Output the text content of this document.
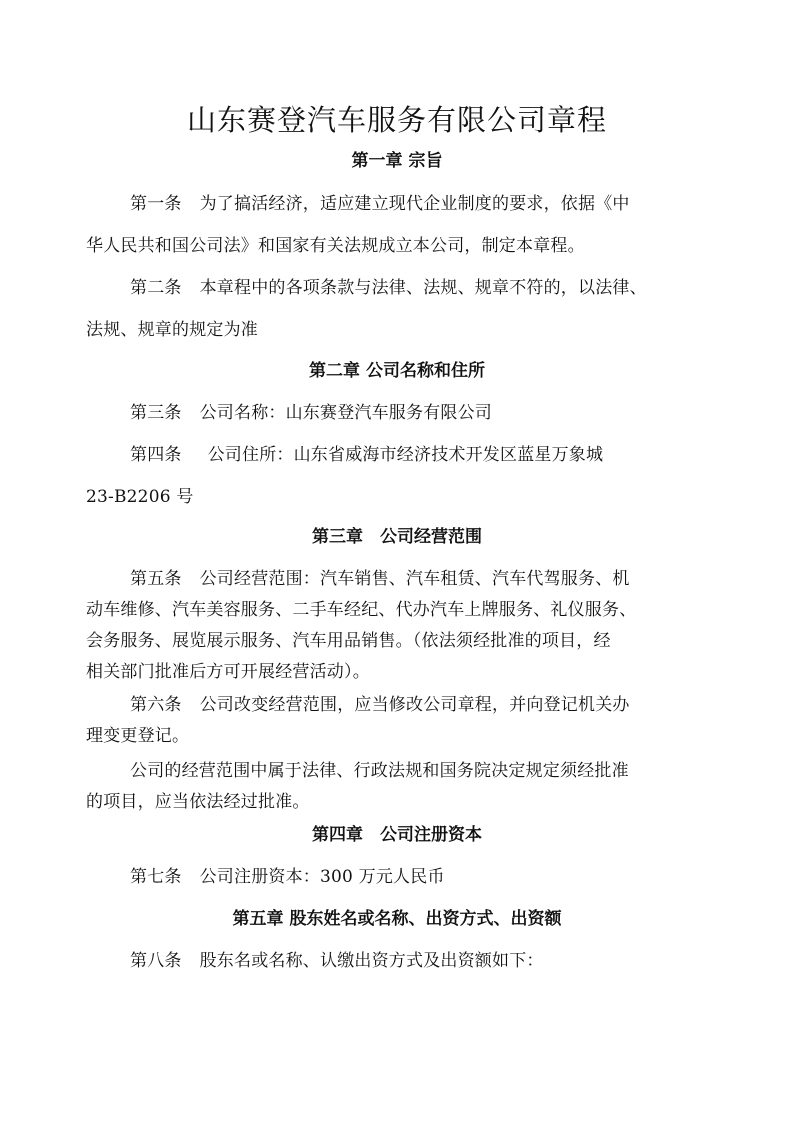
山东赛登汽车服务有限公司章程
第一章 宗旨

第一条 为了搞活经济，适应建立现代企业制度的要求，依据《中

华人民共和国公司法》和国家有关法规成立本公司，制定本章程。

第二条 本章程中的各项条款与法律、法规、规章不符的，以法律、

法规、规章的规定为准

第二章 公司名称和住所

第三条 公司名称：山东赛登汽车服务有限公司

第四条 公司住所：山东省威海市经济技术开发区蓝星万象城

23-B2206 号

第三章　公司经营范围

第五条 公司经营范围：汽车销售、汽车租赁、汽车代驾服务、机

动车维修、汽车美容服务、二手车经纪、代办汽车上牌服务、礼仪服务、

会务服务、展览展示服务、汽车用品销售。（依法须经批准的项目，经

相关部门批准后方可开展经营活动）。

第六条 公司改变经营范围，应当修改公司章程，并向登记机关办

理变更登记。

公司的经营范围中属于法律、行政法规和国务院决定规定须经批准

的项目，应当依法经过批准。

第四章　公司注册资本

第七条 公司注册资本：300 万元人民币

第五章 股东姓名或名称、出资方式、出资额

第八条 股东名或名称、认缴出资方式及出资额如下：
